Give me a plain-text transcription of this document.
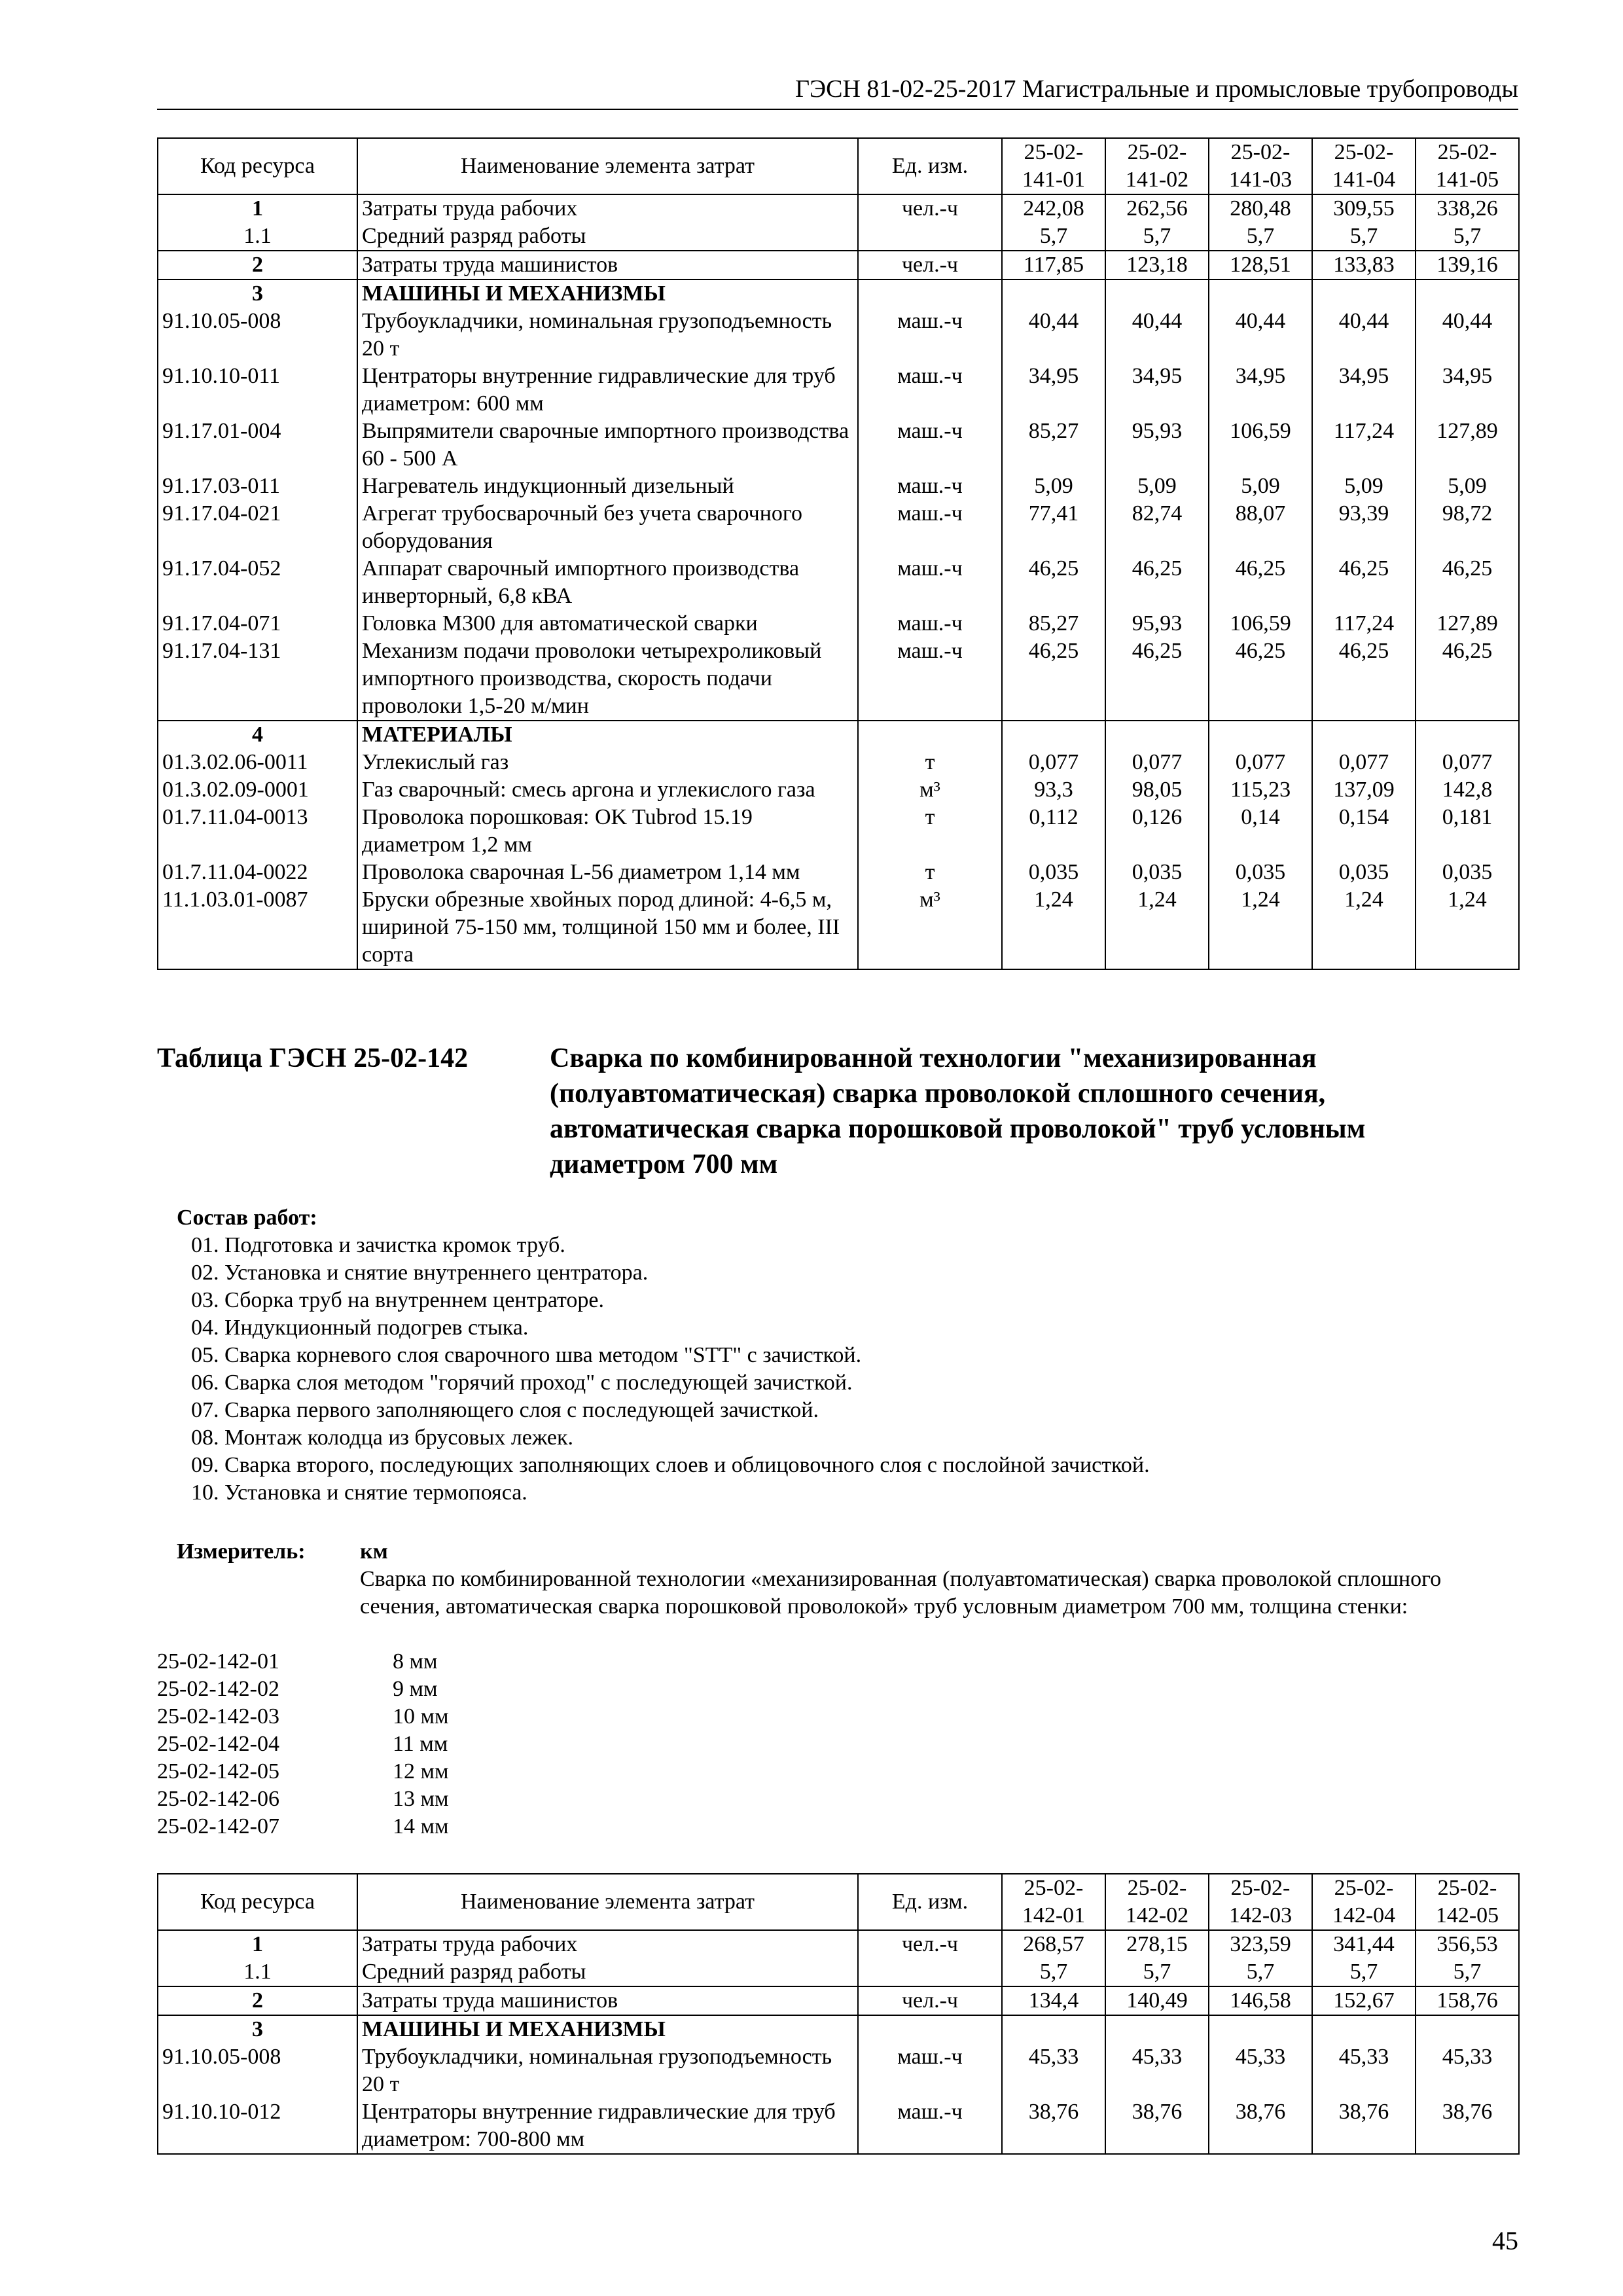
ГЭСН 81-02-25-2017 Магистральные и промысловые трубопроводы
Код ресурса	Наименование элемента затрат	Ед. изм.	25-02-141-01	25-02-141-02	25-02-141-03	25-02-141-04	25-02-141-05
1	Затраты труда рабочих	чел.-ч	242,08	262,56	280,48	309,55	338,26
1.1	Средний разряд работы		5,7	5,7	5,7	5,7	5,7
2	Затраты труда машинистов	чел.-ч	117,85	123,18	128,51	133,83	139,16
3	МАШИНЫ И МЕХАНИЗМЫ						
91.10.05-008	Трубоукладчики, номинальная грузоподъемность 20 т	маш.-ч	40,44	40,44	40,44	40,44	40,44
91.10.10-011	Центраторы внутренние гидравлические для труб диаметром: 600 мм	маш.-ч	34,95	34,95	34,95	34,95	34,95
91.17.01-004	Выпрямители сварочные импортного производства 60 - 500 А	маш.-ч	85,27	95,93	106,59	117,24	127,89
91.17.03-011	Нагреватель индукционный дизельный	маш.-ч	5,09	5,09	5,09	5,09	5,09
91.17.04-021	Агрегат трубосварочный без учета сварочного оборудования	маш.-ч	77,41	82,74	88,07	93,39	98,72
91.17.04-052	Аппарат сварочный импортного производства инверторный, 6,8 кВА	маш.-ч	46,25	46,25	46,25	46,25	46,25
91.17.04-071	Головка М300 для автоматической сварки	маш.-ч	85,27	95,93	106,59	117,24	127,89
91.17.04-131	Механизм подачи проволоки четырехроликовый импортного производства, скорость подачи проволоки 1,5-20 м/мин	маш.-ч	46,25	46,25	46,25	46,25	46,25
4	МАТЕРИАЛЫ						
01.3.02.06-0011	Углекислый газ	т	0,077	0,077	0,077	0,077	0,077
01.3.02.09-0001	Газ сварочный: смесь аргона и углекислого газа	м³	93,3	98,05	115,23	137,09	142,8
01.7.11.04-0013	Проволока порошковая: OK Tubrod 15.19 диаметром 1,2 мм	т	0,112	0,126	0,14	0,154	0,181
01.7.11.04-0022	Проволока сварочная L-56 диаметром 1,14 мм	т	0,035	0,035	0,035	0,035	0,035
11.1.03.01-0087	Бруски обрезные хвойных пород длиной: 4-6,5 м, шириной 75-150 мм, толщиной 150 мм и более, III сорта	м³	1,24	1,24	1,24	1,24	1,24
Таблица ГЭСН 25-02-142	Сварка по комбинированной технологии "механизированная (полуавтоматическая) сварка проволокой сплошного сечения, автоматическая сварка порошковой проволокой" труб условным диаметром 700 мм
Состав работ:
01. Подготовка и зачистка кромок труб.
02. Установка и снятие внутреннего центратора.
03. Сборка труб на внутреннем центраторе.
04. Индукционный подогрев стыка.
05. Сварка корневого слоя сварочного шва методом "STT" с зачисткой.
06. Сварка слоя методом "горячий проход" с последующей зачисткой.
07. Сварка первого заполняющего слоя с последующей зачисткой.
08. Монтаж колодца из брусовых лежек.
09. Сварка второго, последующих заполняющих слоев и облицовочного слоя с послойной зачисткой.
10. Установка и снятие термопояса.
Измеритель: км
Сварка по комбинированной технологии «механизированная (полуавтоматическая) сварка проволокой сплошного сечения, автоматическая сварка порошковой проволокой» труб условным диаметром 700 мм, толщина стенки:
25-02-142-01	8 мм
25-02-142-02	9 мм
25-02-142-03	10 мм
25-02-142-04	11 мм
25-02-142-05	12 мм
25-02-142-06	13 мм
25-02-142-07	14 мм
Код ресурса	Наименование элемента затрат	Ед. изм.	25-02-142-01	25-02-142-02	25-02-142-03	25-02-142-04	25-02-142-05
1	Затраты труда рабочих	чел.-ч	268,57	278,15	323,59	341,44	356,53
1.1	Средний разряд работы		5,7	5,7	5,7	5,7	5,7
2	Затраты труда машинистов	чел.-ч	134,4	140,49	146,58	152,67	158,76
3	МАШИНЫ И МЕХАНИЗМЫ						
91.10.05-008	Трубоукладчики, номинальная грузоподъемность 20 т	маш.-ч	45,33	45,33	45,33	45,33	45,33
91.10.10-012	Центраторы внутренние гидравлические для труб диаметром: 700-800 мм	маш.-ч	38,76	38,76	38,76	38,76	38,76
45
